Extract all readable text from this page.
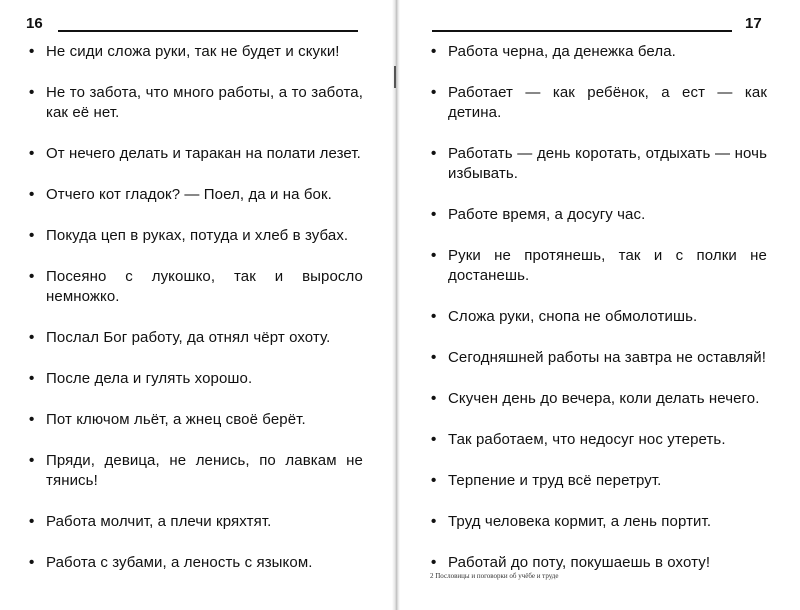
16
• Не сиди сложа руки, так не будет и скуки!
• Не то забота, что много работы, а то забота, как её нет.
• От нечего делать и таракан на полати лезет.
• Отчего кот гладок? — Поел, да и на бок.
• Покуда цеп в руках, потуда и хлеб в зубах.
• Посеяно с лукошко, так и выросло немножко.
• Послал Бог работу, да отнял чёрт охоту.
• После дела и гулять хорошо.
• Пот ключом льёт, а жнец своё берёт.
• Пряди, девица, не ленись, по лавкам не тянись!
• Работа молчит, а плечи кряхтят.
• Работа с зубами, а леность с языком.
17
• Работа черна, да денежка бела.
• Работает — как ребёнок, а ест — как детина.
• Работать — день коротать, отдыхать — ночь избывать.
• Работе время, а досугу час.
• Руки не протянешь, так и с полки не достанешь.
• Сложа руки, снопа не обмолотишь.
• Сегодняшней работы на завтра не оставляй!
• Скучен день до вечера, коли делать нечего.
• Так работаем, что недосуг нос утереть.
• Терпение и труд всё перетрут.
• Труд человека кормит, а лень портит.
• Работай до поту, покушаешь в охоту!
2 Пословицы и поговорки об учёбе и труде
